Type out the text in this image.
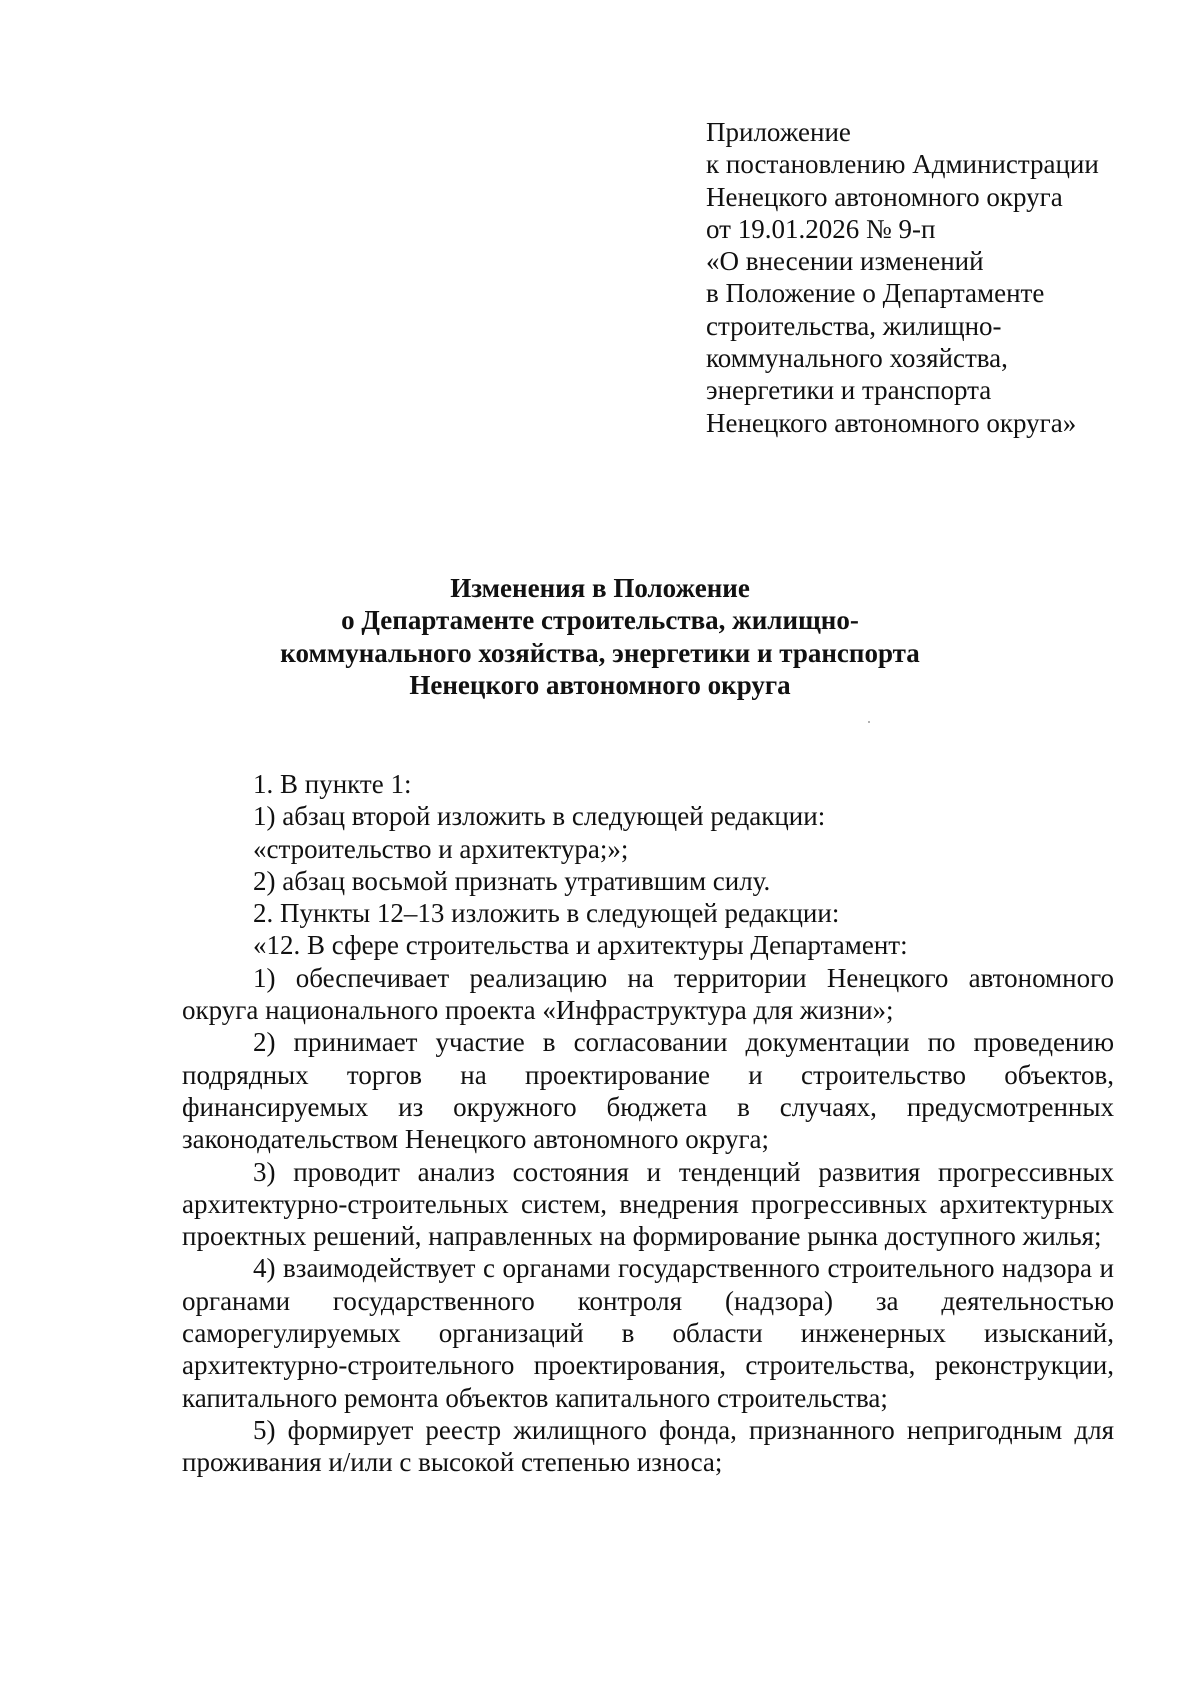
Приложение
к постановлению Администрации
Ненецкого автономного округа
от 19.01.2026 № 9-п
«О внесении изменений
в Положение о Департаменте
строительства, жилищно-
коммунального хозяйства,
энергетики и транспорта
Ненецкого автономного округа»
Изменения в Положение
о Департаменте строительства, жилищно-
коммунального хозяйства, энергетики и транспорта
Ненецкого автономного округа

1. В пункте 1:

1) абзац второй изложить в следующей редакции:

«строительство и архитектура;»;

2) абзац восьмой признать утратившим силу.

2. Пункты 12–13 изложить в следующей редакции:

«12. В сфере строительства и архитектуры Департамент:

1) обеспечивает реализацию на территории Ненецкого автономного округа национального проекта «Инфраструктура для жизни»;

2) принимает участие в согласовании документации по проведению подрядных торгов на проектирование и строительство объектов, финансируемых из окружного бюджета в случаях, предусмотренных законодательством Ненецкого автономного округа;

3) проводит анализ состояния и тенденций развития прогрессивных архитектурно-строительных систем, внедрения прогрессивных архитектурных проектных решений, направленных на формирование рынка доступного жилья;

4) взаимодействует с органами государственного строительного надзора и органами государственного контроля (надзора) за деятельностью саморегулируемых организаций в области инженерных изысканий, архитектурно-строительного проектирования, строительства, реконструкции, капитального ремонта объектов капитального строительства;

5) формирует реестр жилищного фонда, признанного непригодным для проживания и/или с высокой степенью износа;
